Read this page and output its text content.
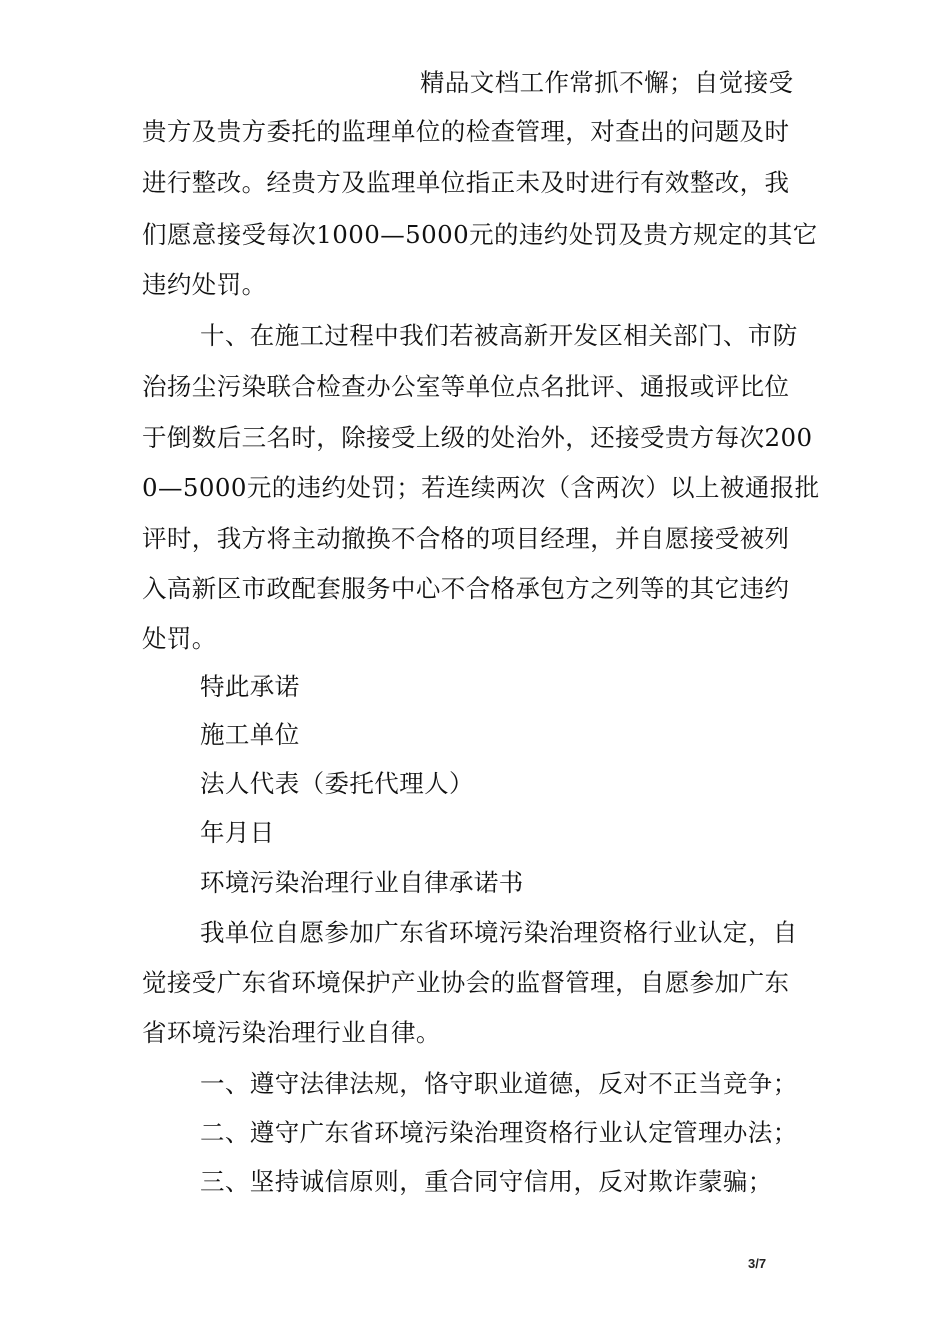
精品文档工作常抓不懈；自觉接受
贵方及贵方委托的监理单位的检查管理，对查出的问题及时
进行整改。经贵方及监理单位指正未及时进行有效整改，我
们愿意接受每次1000—5000元的违约处罚及贵方规定的其它
违约处罚。
十、在施工过程中我们若被高新开发区相关部门、市防
治扬尘污染联合检查办公室等单位点名批评、通报或评比位
于倒数后三名时，除接受上级的处治外，还接受贵方每次200
0—5000元的违约处罚；若连续两次（含两次）以上被通报批
评时，我方将主动撤换不合格的项目经理，并自愿接受被列
入高新区市政配套服务中心不合格承包方之列等的其它违约
处罚。
特此承诺
施工单位
法人代表（委托代理人）
年月日
环境污染治理行业自律承诺书
我单位自愿参加广东省环境污染治理资格行业认定，自
觉接受广东省环境保护产业协会的监督管理，自愿参加广东
省环境污染治理行业自律。
一、遵守法律法规，恪守职业道德，反对不正当竞争；
二、遵守广东省环境污染治理资格行业认定管理办法；
三、坚持诚信原则，重合同守信用，反对欺诈蒙骗；
3/7
